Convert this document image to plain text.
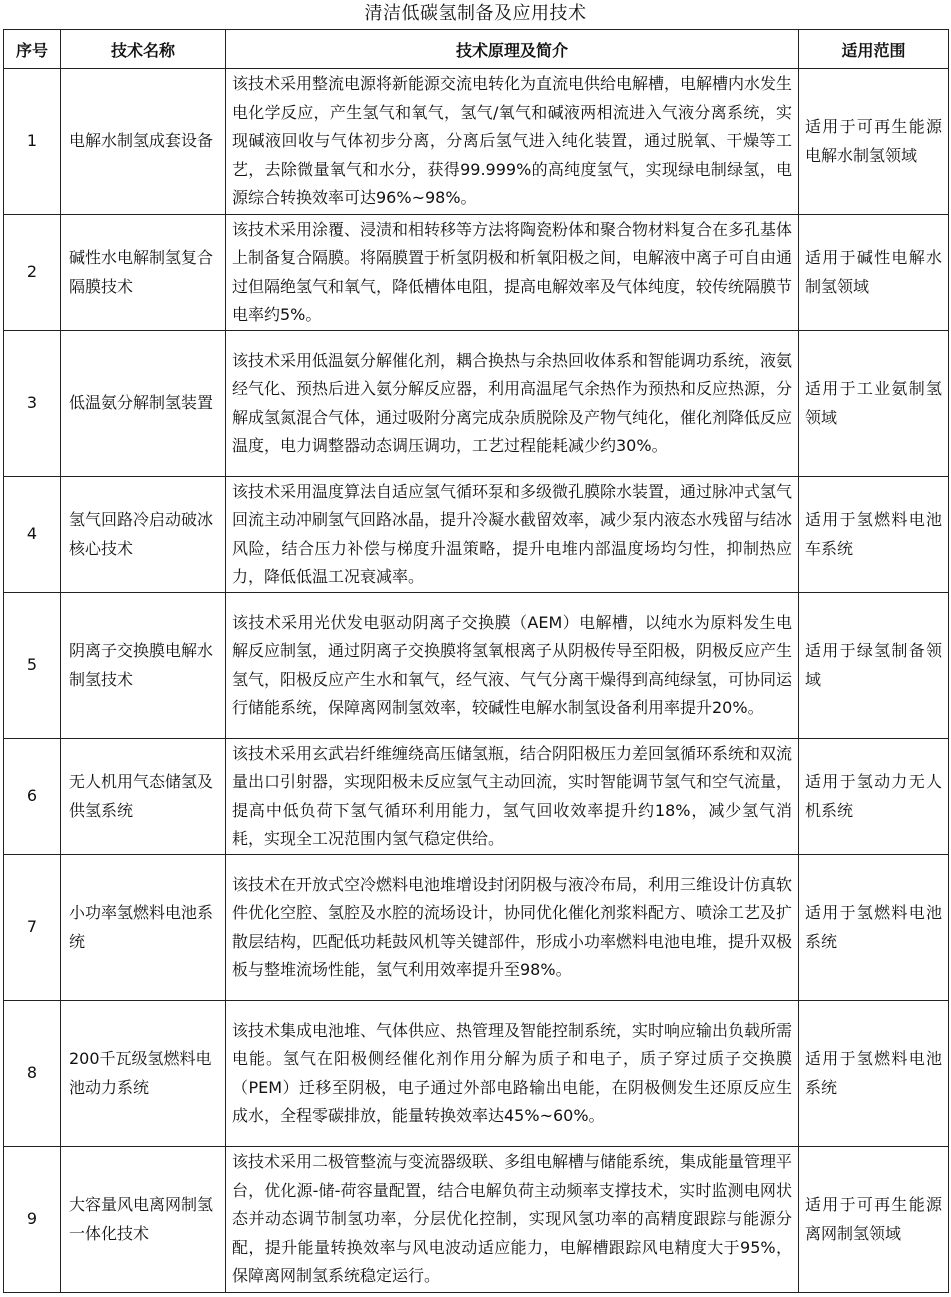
清洁低碳氢制备及应用技术
序号	技术名称	技术原理及简介	适用范围
1	电解水制氢成套设备	该技术采用整流电源将新能源交流电转化为直流电供给电解槽，电解槽内水发生电化学反应，产生氢气和氧气，氢气/氧气和碱液两相流进入气液分离系统，实现碱液回收与气体初步分离，分离后氢气进入纯化装置，通过脱氧、干燥等工艺，去除微量氧气和水分，获得99.999%的高纯度氢气，实现绿电制绿氢，电源综合转换效率可达96%~98%。	适用于可再生能源电解水制氢领域
2	碱性水电解制氢复合隔膜技术	该技术采用涂覆、浸渍和相转移等方法将陶瓷粉体和聚合物材料复合在多孔基体上制备复合隔膜。将隔膜置于析氢阴极和析氧阳极之间，电解液中离子可自由通过但隔绝氢气和氧气，降低槽体电阻，提高电解效率及气体纯度，较传统隔膜节电率约5%。	适用于碱性电解水制氢领域
3	低温氨分解制氢装置	该技术采用低温氨分解催化剂，耦合换热与余热回收体系和智能调功系统，液氨经气化、预热后进入氨分解反应器，利用高温尾气余热作为预热和反应热源，分解成氢氮混合气体，通过吸附分离完成杂质脱除及产物气纯化，催化剂降低反应温度，电力调整器动态调压调功，工艺过程能耗减少约30%。	适用于工业氨制氢领域
4	氢气回路冷启动破冰核心技术	该技术采用温度算法自适应氢气循环泵和多级微孔膜除水装置，通过脉冲式氢气回流主动冲刷氢气回路冰晶，提升冷凝水截留效率，减少泵内液态水残留与结冰风险，结合压力补偿与梯度升温策略，提升电堆内部温度场均匀性，抑制热应力，降低低温工况衰减率。	适用于氢燃料电池车系统
5	阴离子交换膜电解水制氢技术	该技术采用光伏发电驱动阴离子交换膜（AEM）电解槽，以纯水为原料发生电解反应制氢，通过阴离子交换膜将氢氧根离子从阴极传导至阳极，阴极反应产生氢气，阳极反应产生水和氧气，经气液、气气分离干燥得到高纯绿氢，可协同运行储能系统，保障离网制氢效率，较碱性电解水制氢设备利用率提升20%。	适用于绿氢制备领域
6	无人机用气态储氢及供氢系统	该技术采用玄武岩纤维缠绕高压储氢瓶，结合阴阳极压力差回氢循环系统和双流量出口引射器，实现阳极未反应氢气主动回流，实时智能调节氢气和空气流量，提高中低负荷下氢气循环利用能力，氢气回收效率提升约18%，减少氢气消耗，实现全工况范围内氢气稳定供给。	适用于氢动力无人机系统
7	小功率氢燃料电池系统	该技术在开放式空冷燃料电池堆增设封闭阴极与液冷布局，利用三维设计仿真软件优化空腔、氢腔及水腔的流场设计，协同优化催化剂浆料配方、喷涂工艺及扩散层结构，匹配低功耗鼓风机等关键部件，形成小功率燃料电池电堆，提升双极板与整堆流场性能，氢气利用效率提升至98%。	适用于氢燃料电池系统
8	200千瓦级氢燃料电池动力系统	该技术集成电池堆、气体供应、热管理及智能控制系统，实时响应输出负载所需电能。氢气在阳极侧经催化剂作用分解为质子和电子，质子穿过质子交换膜（PEM）迁移至阴极，电子通过外部电路输出电能，在阴极侧发生还原反应生成水，全程零碳排放，能量转换效率达45%~60%。	适用于氢燃料电池系统
9	大容量风电离网制氢一体化技术	该技术采用二极管整流与变流器级联、多组电解槽与储能系统，集成能量管理平台，优化源-储-荷容量配置，结合电解负荷主动频率支撑技术，实时监测电网状态并动态调节制氢功率，分层优化控制，实现风氢功率的高精度跟踪与能源分配，提升能量转换效率与风电波动适应能力，电解槽跟踪风电精度大于95%，保障离网制氢系统稳定运行。	适用于可再生能源离网制氢领域
